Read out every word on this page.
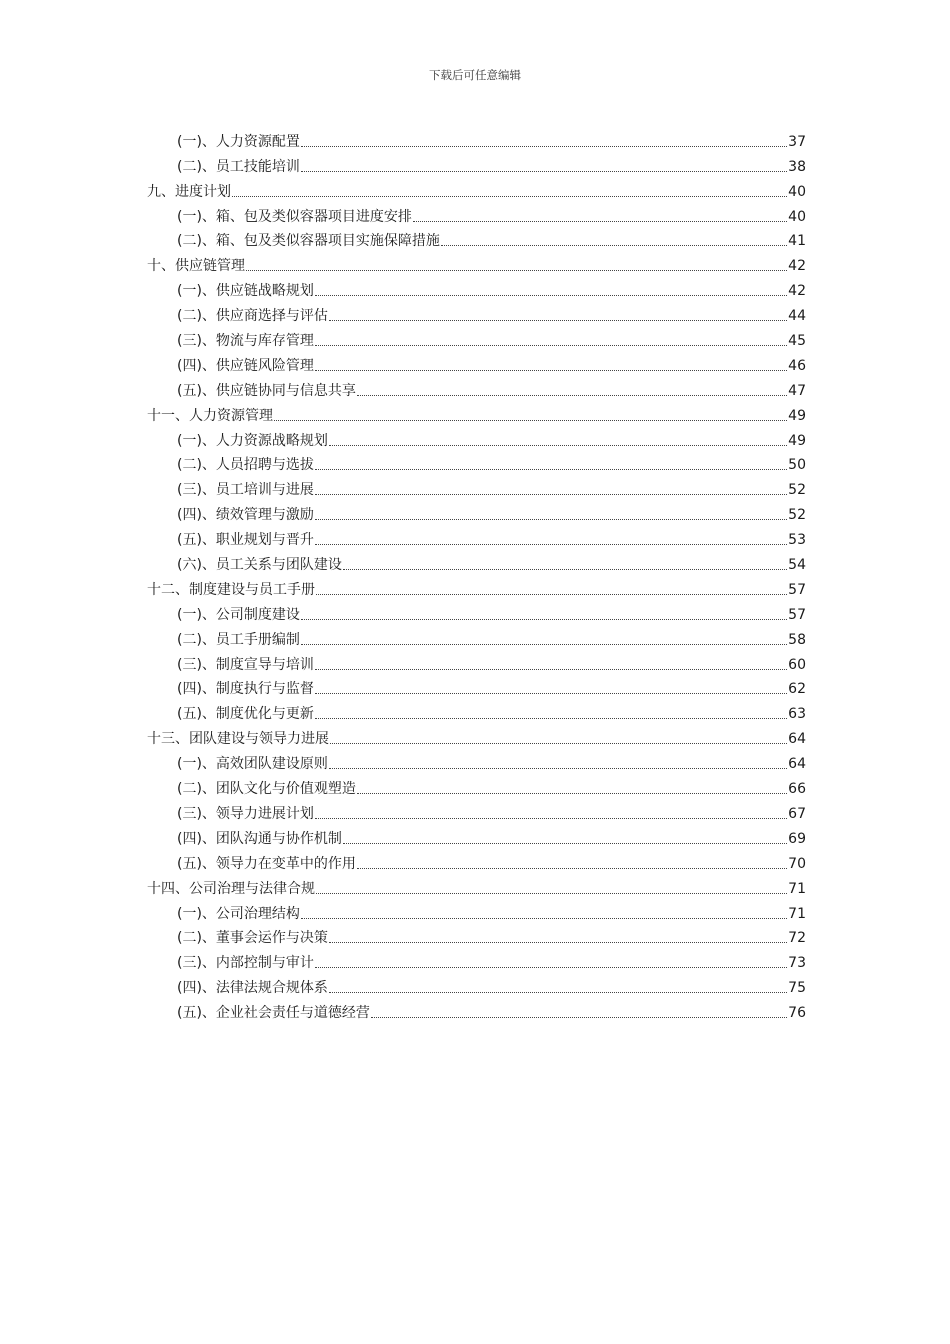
下载后可任意编辑
(一)、人力资源配置	37
(二)、员工技能培训	38
九、进度计划	40
(一)、箱、包及类似容器项目进度安排	40
(二)、箱、包及类似容器项目实施保障措施	41
十、供应链管理	42
(一)、供应链战略规划	42
(二)、供应商选择与评估	44
(三)、物流与库存管理	45
(四)、供应链风险管理	46
(五)、供应链协同与信息共享	47
十一、人力资源管理	49
(一)、人力资源战略规划	49
(二)、人员招聘与选拔	50
(三)、员工培训与进展	52
(四)、绩效管理与激励	52
(五)、职业规划与晋升	53
(六)、员工关系与团队建设	54
十二、制度建设与员工手册	57
(一)、公司制度建设	57
(二)、员工手册编制	58
(三)、制度宣导与培训	60
(四)、制度执行与监督	62
(五)、制度优化与更新	63
十三、团队建设与领导力进展	64
(一)、高效团队建设原则	64
(二)、团队文化与价值观塑造	66
(三)、领导力进展计划	67
(四)、团队沟通与协作机制	69
(五)、领导力在变革中的作用	70
十四、公司治理与法律合规	71
(一)、公司治理结构	71
(二)、董事会运作与决策	72
(三)、内部控制与审计	73
(四)、法律法规合规体系	75
(五)、企业社会责任与道德经营	76
